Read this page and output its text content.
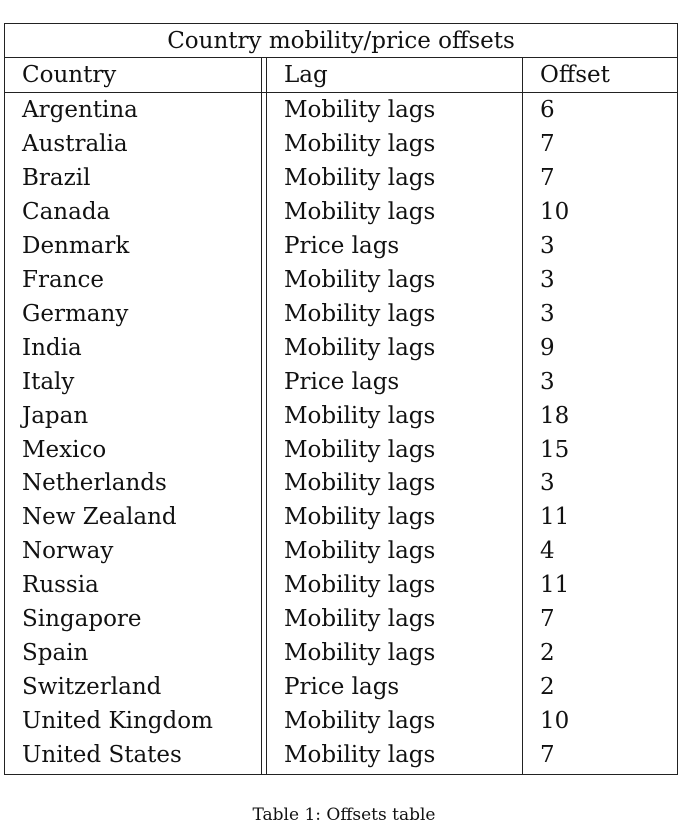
Country mobility/price offsets
Country	Lag	Offset
Argentina	Mobility lags	6
Australia	Mobility lags	7
Brazil	Mobility lags	7
Canada	Mobility lags	10
Denmark	Price lags	3
France	Mobility lags	3
Germany	Mobility lags	3
India	Mobility lags	9
Italy	Price lags	3
Japan	Mobility lags	18
Mexico	Mobility lags	15
Netherlands	Mobility lags	3
New Zealand	Mobility lags	11
Norway	Mobility lags	4
Russia	Mobility lags	11
Singapore	Mobility lags	7
Spain	Mobility lags	2
Switzerland	Price lags	2
United Kingdom	Mobility lags	10
United States	Mobility lags	7
Table 1: Offsets table
